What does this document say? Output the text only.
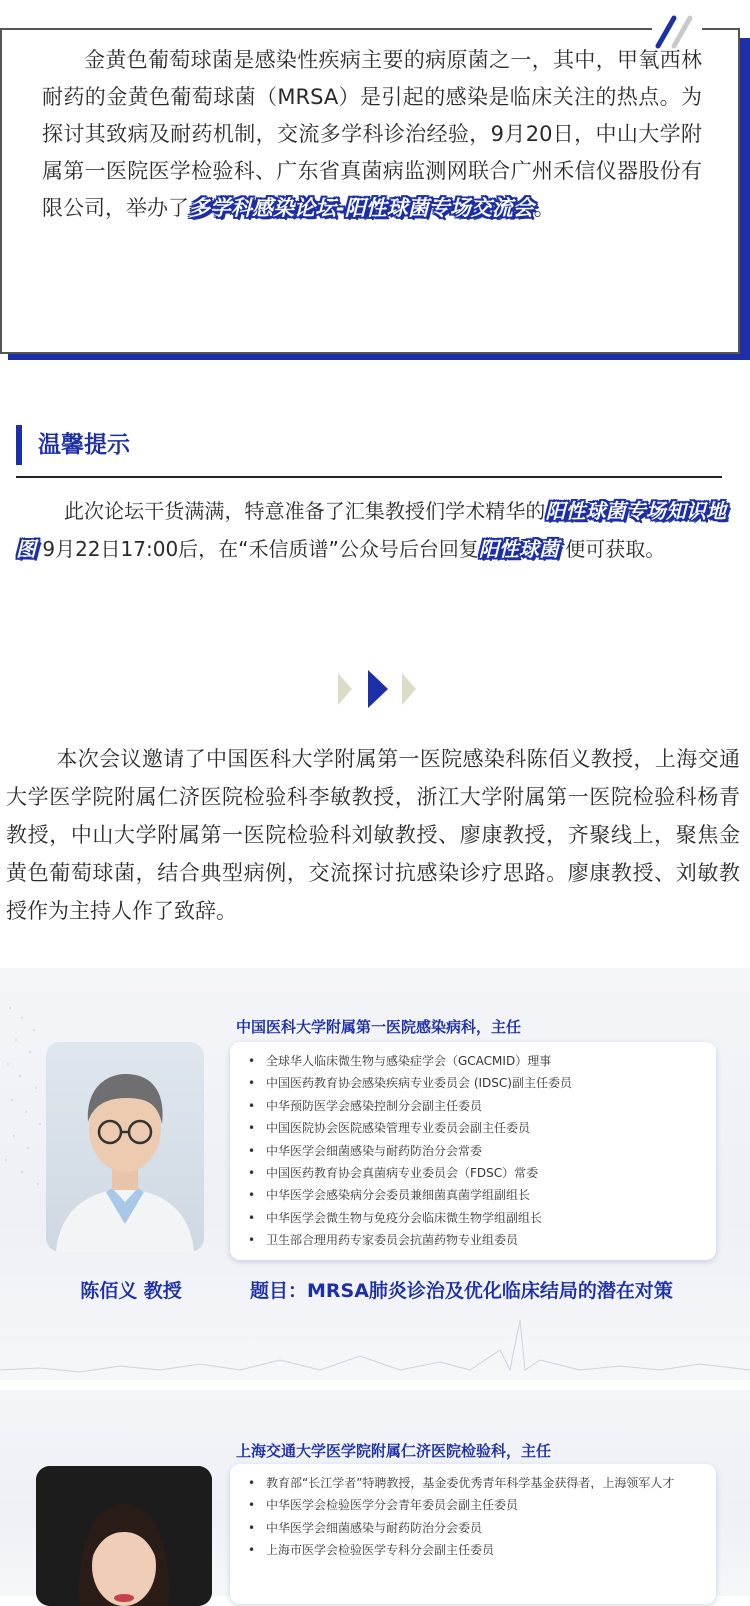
金黄色葡萄球菌是感染性疾病主要的病原菌之一，其中，甲氧西林耐药的金黄色葡萄球菌（MRSA）是引起的感染是临床关注的热点。为探讨其致病及耐药机制，交流多学科诊治经验，9月20日，中山大学附属第一医院医学检验科、广东省真菌病监测网联合广州禾信仪器股份有限公司，举办了多学科感染论坛-阳性球菌专场交流会。
温馨提示
此次论坛干货满满，特意准备了汇集教授们学术精华的阳性球菌专场知识地图 9月22日17:00后，在“禾信质谱”公众号后台回复阳性球菌 便可获取。
本次会议邀请了中国医科大学附属第一医院感染科陈佰义教授，上海交通大学医学院附属仁济医院检验科李敏教授，浙江大学附属第一医院检验科杨青教授，中山大学附属第一医院检验科刘敏教授、廖康教授，齐聚线上，聚焦金黄色葡萄球菌，结合典型病例，交流探讨抗感染诊疗思路。廖康教授、刘敏教授作为主持人作了致辞。
中国医科大学附属第一医院感染病科，主任
• 全球华人临床微生物与感染症学会（GCACMID）理事
• 中国医药教育协会感染疾病专业委员会 (IDSC)副主任委员
• 中华预防医学会感染控制分会副主任委员
• 中国医院协会医院感染管理专业委员会副主任委员
• 中华医学会细菌感染与耐药防治分会常委
• 中国医药教育协会真菌病专业委员会（FDSC）常委
• 中华医学会感染病分会委员兼细菌真菌学组副组长
• 中华医学会微生物与免疫分会临床微生物学组副组长
• 卫生部合理用药专家委员会抗菌药物专业组委员
陈佰义 教授	题目：MRSA肺炎诊治及优化临床结局的潜在对策
上海交通大学医学院附属仁济医院检验科，主任
• 教育部“长江学者”特聘教授，基金委优秀青年科学基金获得者，上海领军人才
• 中华医学会检验医学分会青年委员会副主任委员
• 中华医学会细菌感染与耐药防治分会委员
• 上海市医学会检验医学专科分会副主任委员
